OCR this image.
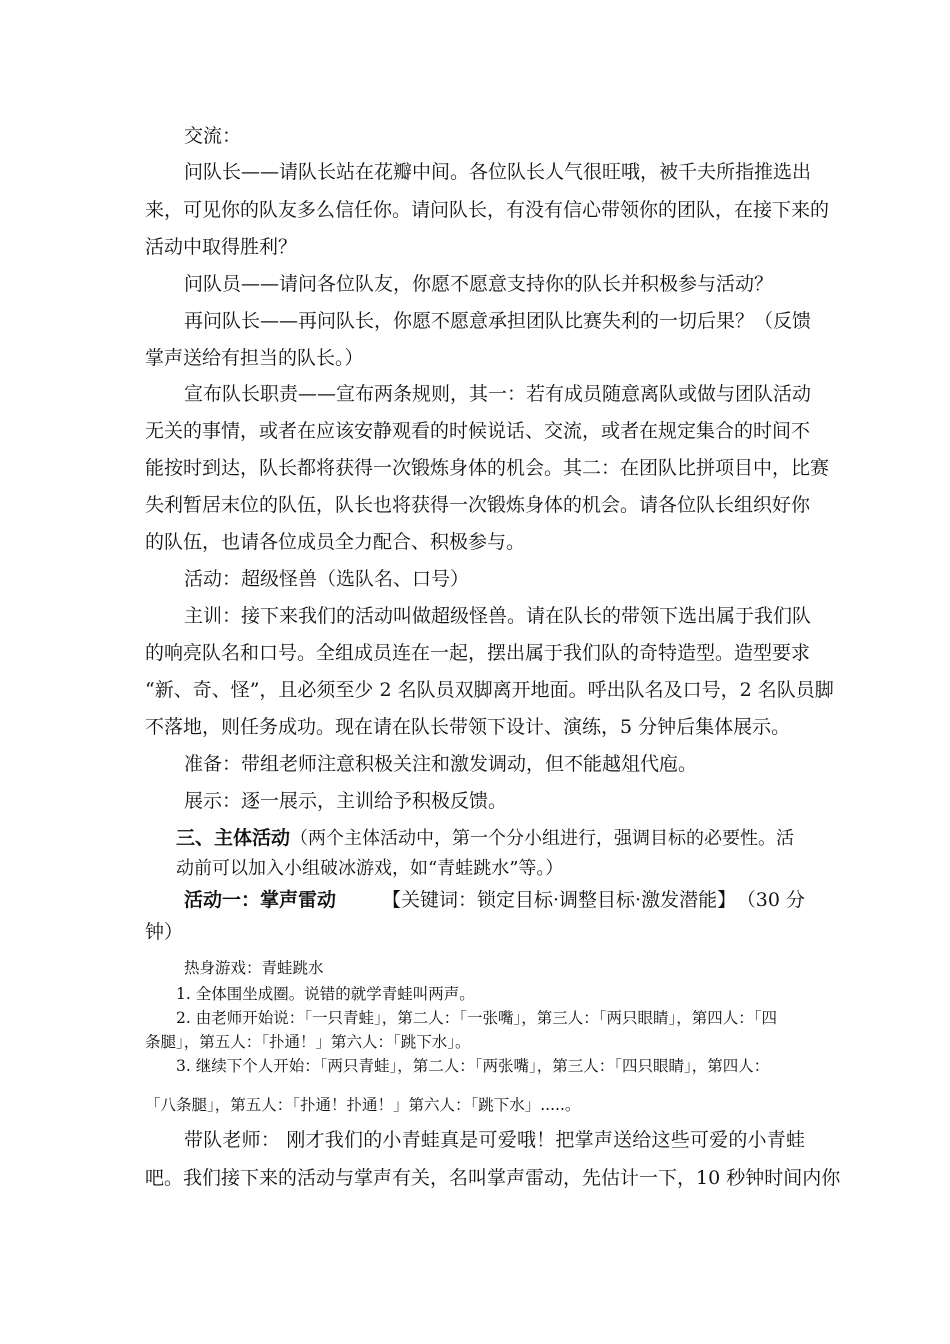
交流：
问队长——请队长站在花瓣中间。各位队长人气很旺哦，被千夫所指推选出
来，可见你的队友多么信任你。请问队长，有没有信心带领你的团队，在接下来的
活动中取得胜利？
问队员——请问各位队友，你愿不愿意支持你的队长并积极参与活动？
再问队长——再问队长，你愿不愿意承担团队比赛失利的一切后果？（反馈
掌声送给有担当的队长。）
宣布队长职责——宣布两条规则，其一：若有成员随意离队或做与团队活动
无关的事情，或者在应该安静观看的时候说话、交流，或者在规定集合的时间不
能按时到达，队长都将获得一次锻炼身体的机会。其二：在团队比拼项目中，比赛
失利暂居末位的队伍，队长也将获得一次锻炼身体的机会。请各位队长组织好你
的队伍，也请各位成员全力配合、积极参与。
活动：超级怪兽（选队名、口号）
主训：接下来我们的活动叫做超级怪兽。请在队长的带领下选出属于我们队
的响亮队名和口号。全组成员连在一起，摆出属于我们队的奇特造型。造型要求
“新、奇、怪”，且必须至少 2 名队员双脚离开地面。呼出队名及口号，2 名队员脚
不落地，则任务成功。现在请在队长带领下设计、演练，5 分钟后集体展示。
准备：带组老师注意积极关注和激发调动，但不能越俎代庖。
展示：逐一展示，主训给予积极反馈。
三、主体活动（两个主体活动中，第一个分小组进行，强调目标的必要性。活
动前可以加入小组破冰游戏，如“青蛙跳水”等。）
活动一：掌声雷动 【关键词：锁定目标·调整目标·激发潜能】 （30 分
钟）
热身游戏：青蛙跳水
1. 全体围坐成圈。说错的就学青蛙叫两声。
2. 由老师开始说：「一只青蛙」，第二人：「一张嘴」，第三人：「两只眼睛」，第四人：「四
条腿」，第五人：「扑通！」第六人：「跳下水」。
3. 继续下个人开始：「两只青蛙」，第二人：「两张嘴」，第三人：「四只眼睛」，第四人：
「八条腿」，第五人：「扑通！扑通！」第六人：「跳下水」.....。
带队老师： 刚才我们的小青蛙真是可爱哦！把掌声送给这些可爱的小青蛙
吧。我们接下来的活动与掌声有关，名叫掌声雷动，先估计一下，10 秒钟时间内你
